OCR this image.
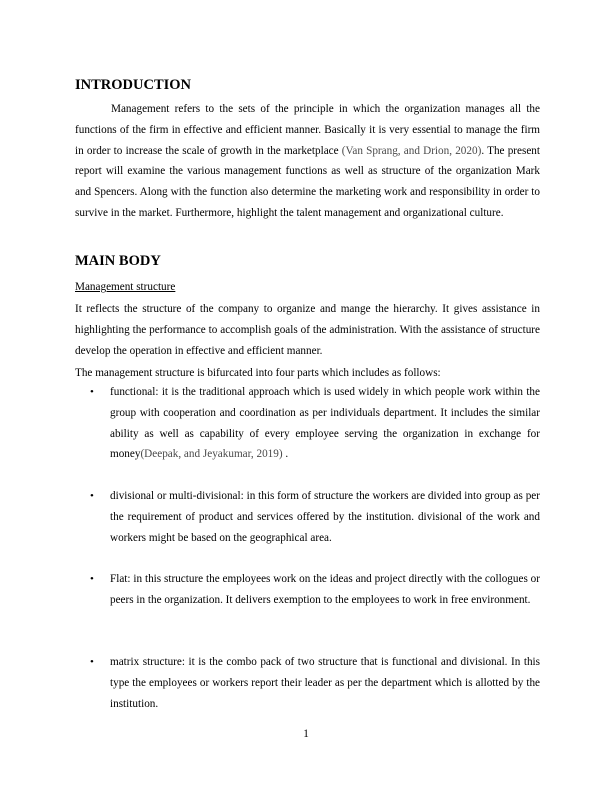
INTRODUCTION

Management refers to the sets of the principle in which the organization manages all the functions of the firm in effective and efficient manner. Basically it is very essential to manage the firm in order to increase the scale of growth in the marketplace (Van Sprang, and Drion, 2020). The present report will examine the various management functions as well as structure of the organization Mark and Spencers. Along with the function also determine the marketing work and responsibility in order to survive in the market. Furthermore, highlight the talent management and organizational culture.

MAIN BODY

Management structure

It reflects the structure of the company to organize and mange the hierarchy. It gives assistance in highlighting the performance to accomplish goals of the administration. With the assistance of structure develop the operation in effective and efficient manner.

The management structure is bifurcated into four parts which includes as follows:

• functional: it is the traditional approach which is used widely in which people work within the group with cooperation and coordination as per individuals department. It includes the similar ability as well as capability of every employee serving the organization in exchange for money(Deepak, and Jeyakumar, 2019) .

• divisional or multi-divisional: in this form of structure the workers are divided into group as per the requirement of product and services offered by the institution. divisional of the work and workers might be based on the geographical area.

• Flat: in this structure the employees work on the ideas and project directly with the collogues or peers in the organization. It delivers exemption to the employees to work in free environment.

• matrix structure: it is the combo pack of two structure that is functional and divisional. In this type the employees or workers report their leader as per the department which is allotted by the institution.

1
